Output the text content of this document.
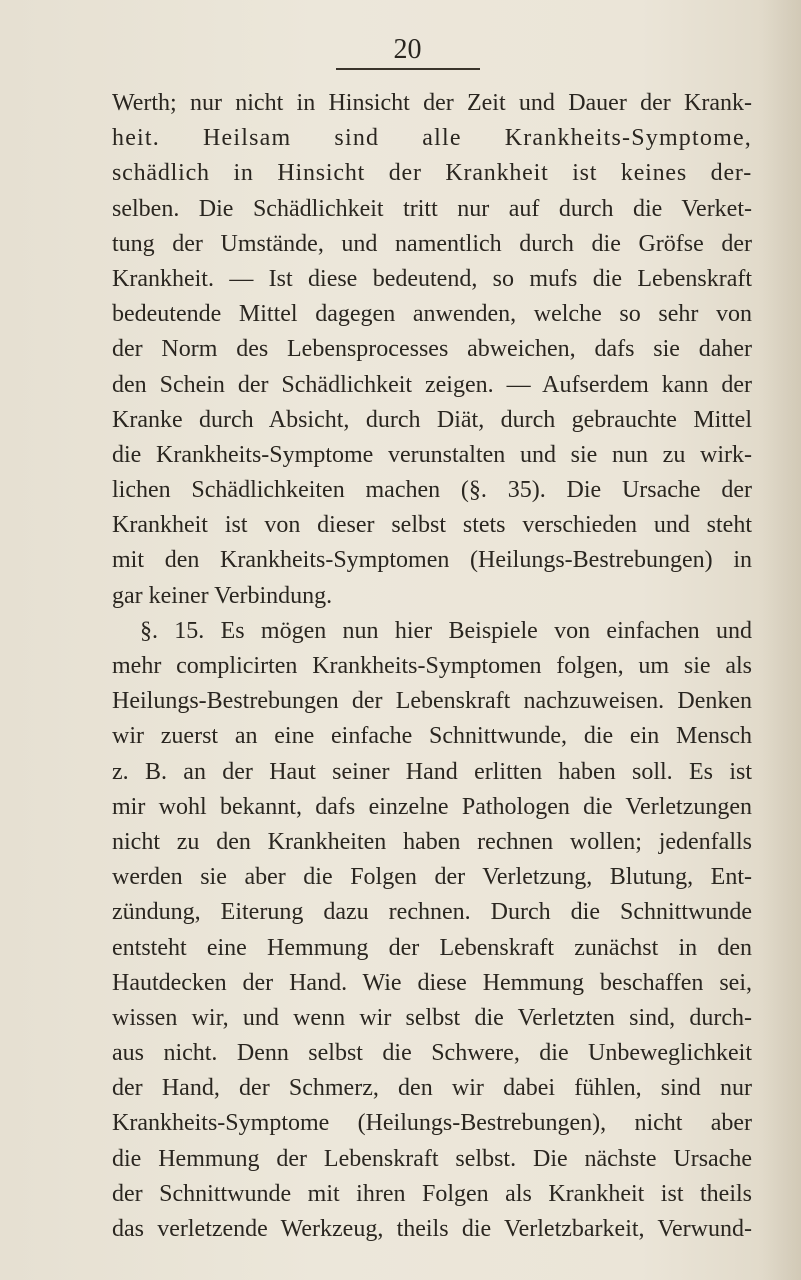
20
Werth; nur nicht in Hinsicht der Zeit und Dauer der Krank-
heit. Heilsam sind alle Krankheits-Symptome,
schädlich in Hinsicht der Krankheit ist keines der-
selben. Die Schädlichkeit tritt nur auf durch die Verket-
tung der Umstände, und namentlich durch die Gröfse der
Krankheit. — Ist diese bedeutend, so mufs die Lebenskraft
bedeutende Mittel dagegen anwenden, welche so sehr von
der Norm des Lebensprocesses abweichen, dafs sie daher
den Schein der Schädlichkeit zeigen. — Aufserdem kann der
Kranke durch Absicht, durch Diät, durch gebrauchte Mittel
die Krankheits-Symptome verunstalten und sie nun zu wirk-
lichen Schädlichkeiten machen (§. 35). Die Ursache der
Krankheit ist von dieser selbst stets verschieden und steht
mit den Krankheits-Symptomen (Heilungs-Bestrebungen) in
gar keiner Verbindung.
§. 15. Es mögen nun hier Beispiele von einfachen und
mehr complicirten Krankheits-Symptomen folgen, um sie als
Heilungs-Bestrebungen der Lebenskraft nachzuweisen. Denken
wir zuerst an eine einfache Schnittwunde, die ein Mensch
z. B. an der Haut seiner Hand erlitten haben soll. Es ist
mir wohl bekannt, dafs einzelne Pathologen die Verletzungen
nicht zu den Krankheiten haben rechnen wollen; jedenfalls
werden sie aber die Folgen der Verletzung, Blutung, Ent-
zündung, Eiterung dazu rechnen. Durch die Schnittwunde
entsteht eine Hemmung der Lebenskraft zunächst in den
Hautdecken der Hand. Wie diese Hemmung beschaffen sei,
wissen wir, und wenn wir selbst die Verletzten sind, durch-
aus nicht. Denn selbst die Schwere, die Unbeweglichkeit
der Hand, der Schmerz, den wir dabei fühlen, sind nur
Krankheits-Symptome (Heilungs-Bestrebungen), nicht aber
die Hemmung der Lebenskraft selbst. Die nächste Ursache
der Schnittwunde mit ihren Folgen als Krankheit ist theils
das verletzende Werkzeug, theils die Verletzbarkeit, Verwund-
